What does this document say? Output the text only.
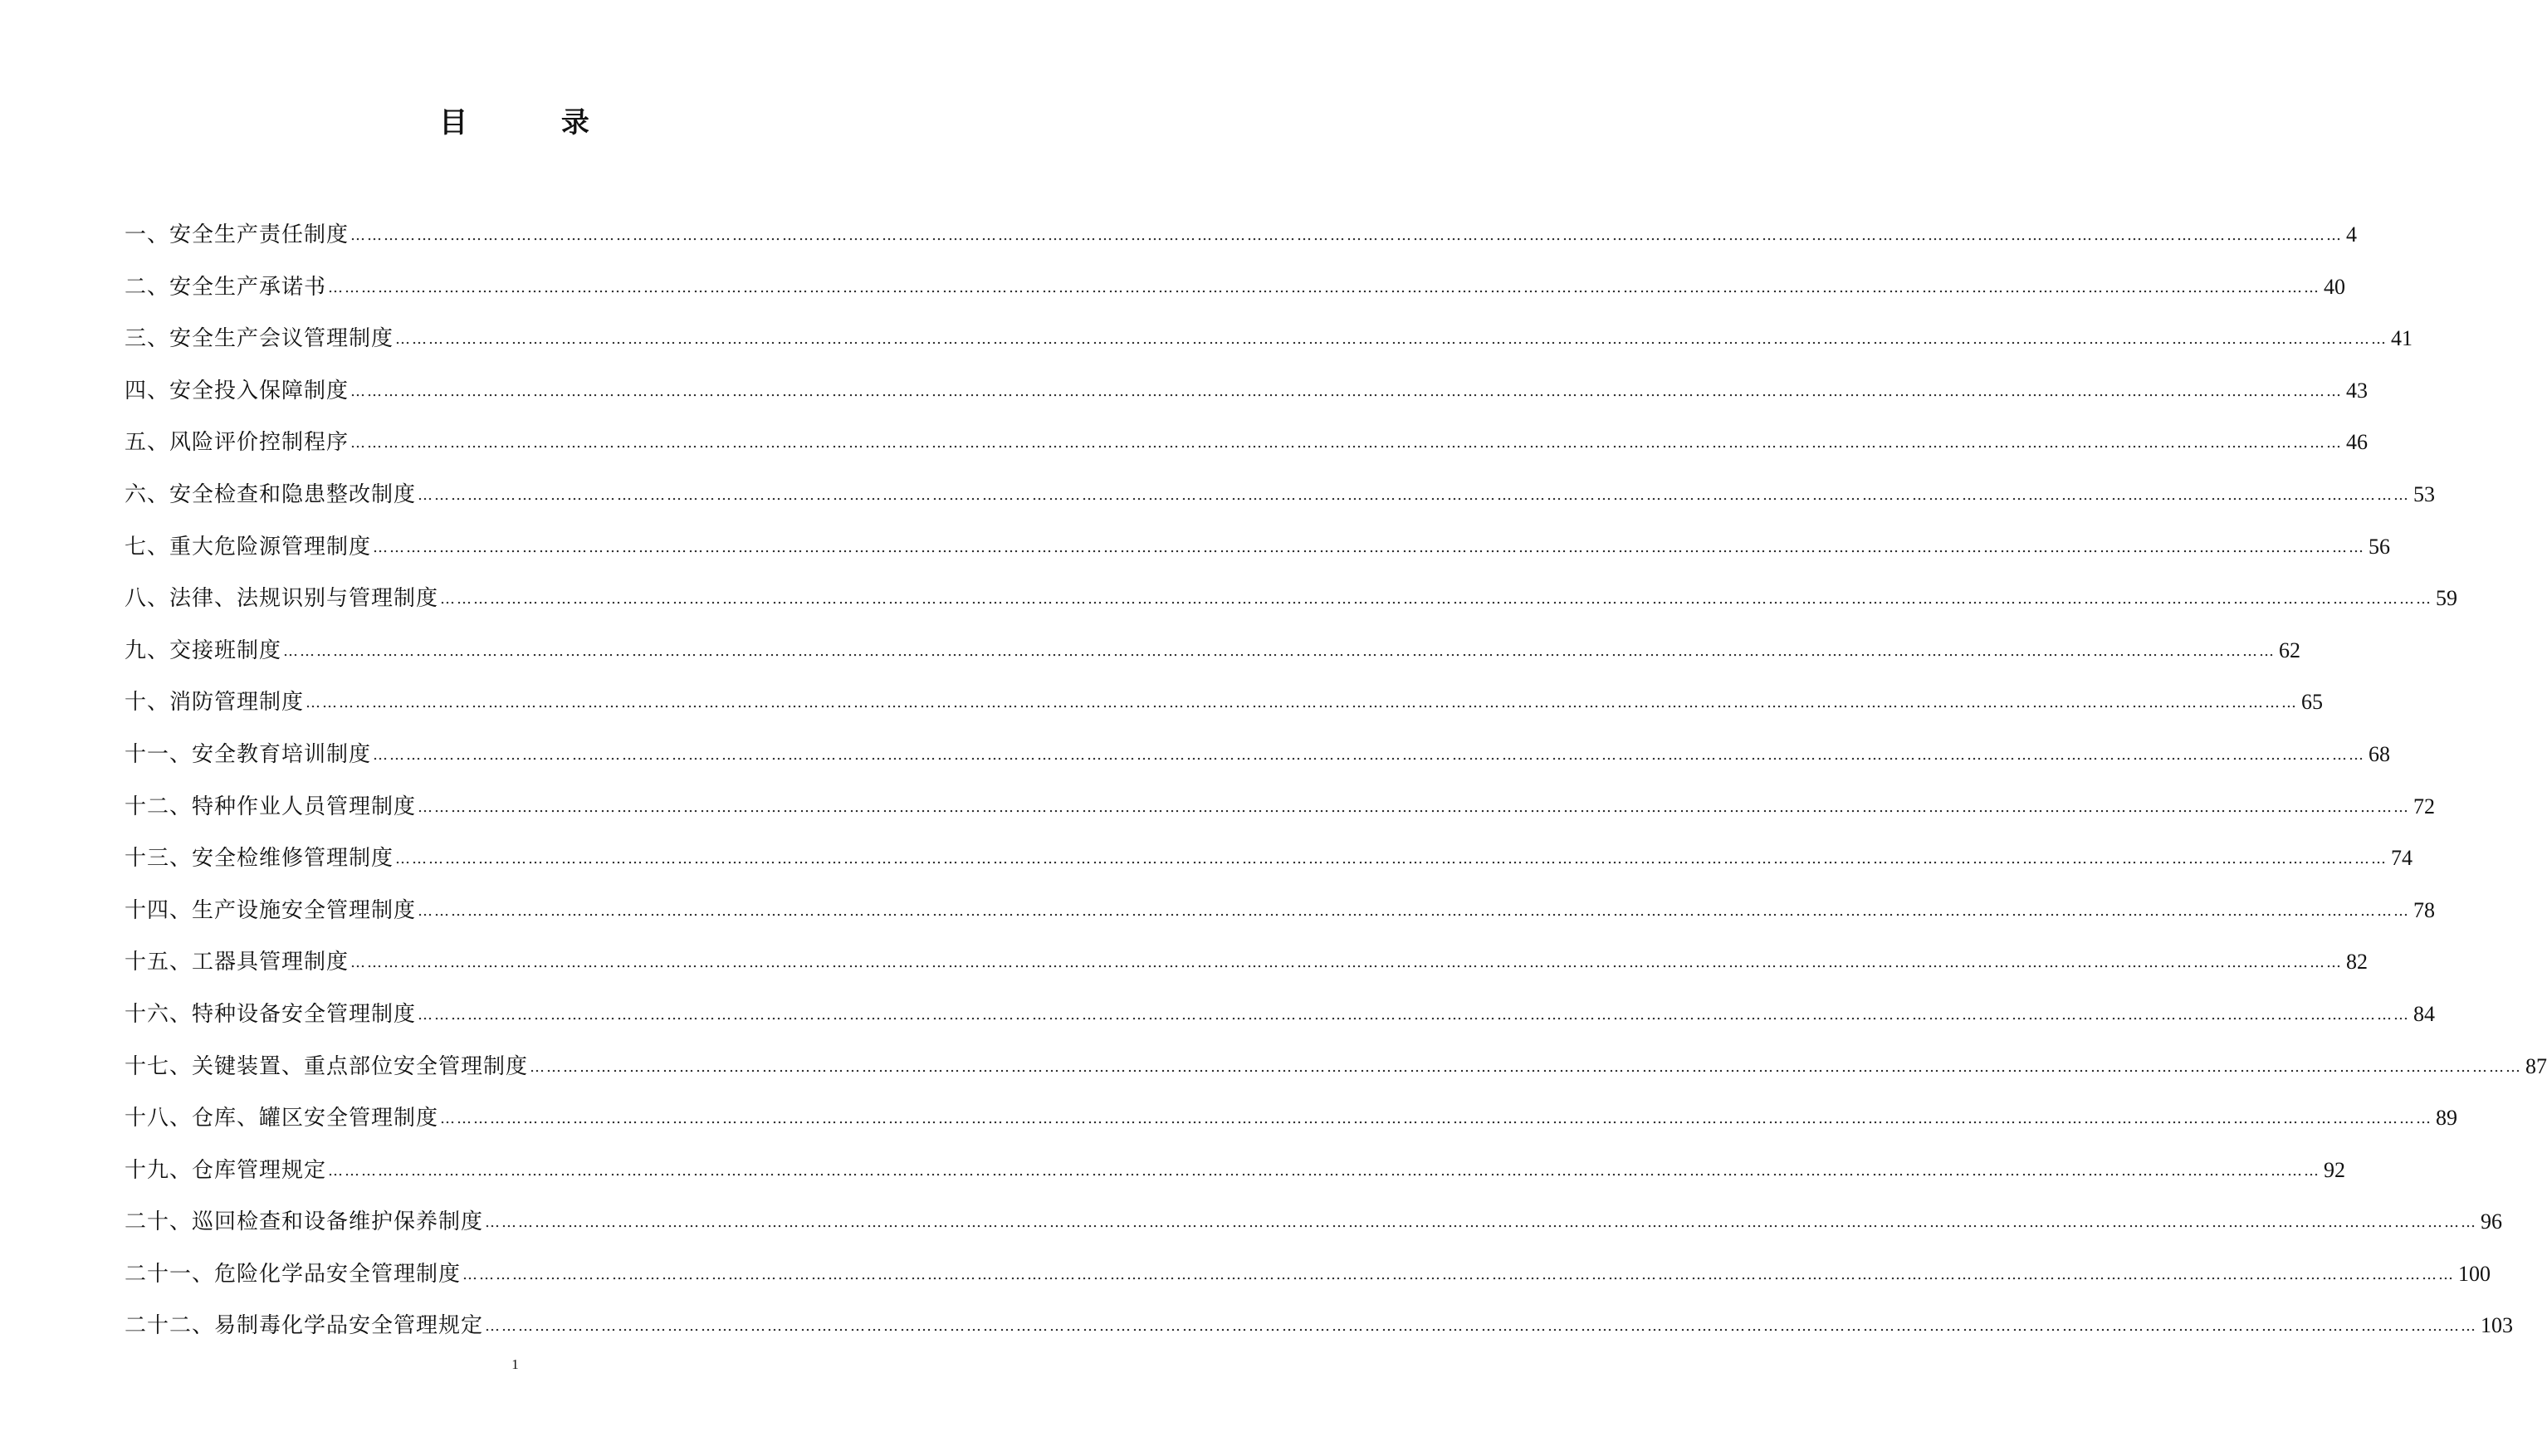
目        录
一、安全生产责任制度 ……………………………………………………………………………………………………………………………………………………………………………………………………………………………………………………………………………………………………………………………… 4
二、安全生产承诺书 ……………………………………………………………………………………………………………………………………………………………………………………………………………………………………………………………………………………………………………………………… 40
三、安全生产会议管理制度 ……………………………………………………………………………………………………………………………………………………………………………………………………………………………………………………………………………………………………………………………… 41
四、安全投入保障制度 ……………………………………………………………………………………………………………………………………………………………………………………………………………………………………………………………………………………………………………………………… 43
五、风险评价控制程序 ……………………………………………………………………………………………………………………………………………………………………………………………………………………………………………………………………………………………………………………………… 46
六、安全检查和隐患整改制度 ……………………………………………………………………………………………………………………………………………………………………………………………………………………………………………………………………………………………………………………………… 53
七、重大危险源管理制度 ……………………………………………………………………………………………………………………………………………………………………………………………………………………………………………………………………………………………………………………………… 56
八、法律、法规识别与管理制度 ……………………………………………………………………………………………………………………………………………………………………………………………………………………………………………………………………………………………………………………………… 59
九、交接班制度 ……………………………………………………………………………………………………………………………………………………………………………………………………………………………………………………………………………………………………………………………… 62
十、消防管理制度 ……………………………………………………………………………………………………………………………………………………………………………………………………………………………………………………………………………………………………………………………… 65
十一、安全教育培训制度 ……………………………………………………………………………………………………………………………………………………………………………………………………………………………………………………………………………………………………………………………… 68
十二、特种作业人员管理制度 ……………………………………………………………………………………………………………………………………………………………………………………………………………………………………………………………………………………………………………………………… 72
十三、安全检维修管理制度 ……………………………………………………………………………………………………………………………………………………………………………………………………………………………………………………………………………………………………………………………… 74
十四、生产设施安全管理制度 ……………………………………………………………………………………………………………………………………………………………………………………………………………………………………………………………………………………………………………………………… 78
十五、工器具管理制度 ……………………………………………………………………………………………………………………………………………………………………………………………………………………………………………………………………………………………………………………………… 82
十六、特种设备安全管理制度 ……………………………………………………………………………………………………………………………………………………………………………………………………………………………………………………………………………………………………………………………… 84
十七、关键装置、重点部位安全管理制度 ……………………………………………………………………………………………………………………………………………………………………………………………………………………………………………………………………………………………………………………………… 87
十八、仓库、罐区安全管理制度 ……………………………………………………………………………………………………………………………………………………………………………………………………………………………………………………………………………………………………………………………… 89
十九、仓库管理规定 ……………………………………………………………………………………………………………………………………………………………………………………………………………………………………………………………………………………………………………………………… 92
二十、巡回检查和设备维护保养制度 ……………………………………………………………………………………………………………………………………………………………………………………………………………………………………………………………………………………………………………………………… 96
二十一、危险化学品安全管理制度 ……………………………………………………………………………………………………………………………………………………………………………………………………………………………………………………………………………………………………………………………… 100
二十二、易制毒化学品安全管理规定 ……………………………………………………………………………………………………………………………………………………………………………………………………………………………………………………………………………………………………………………………… 103
1
